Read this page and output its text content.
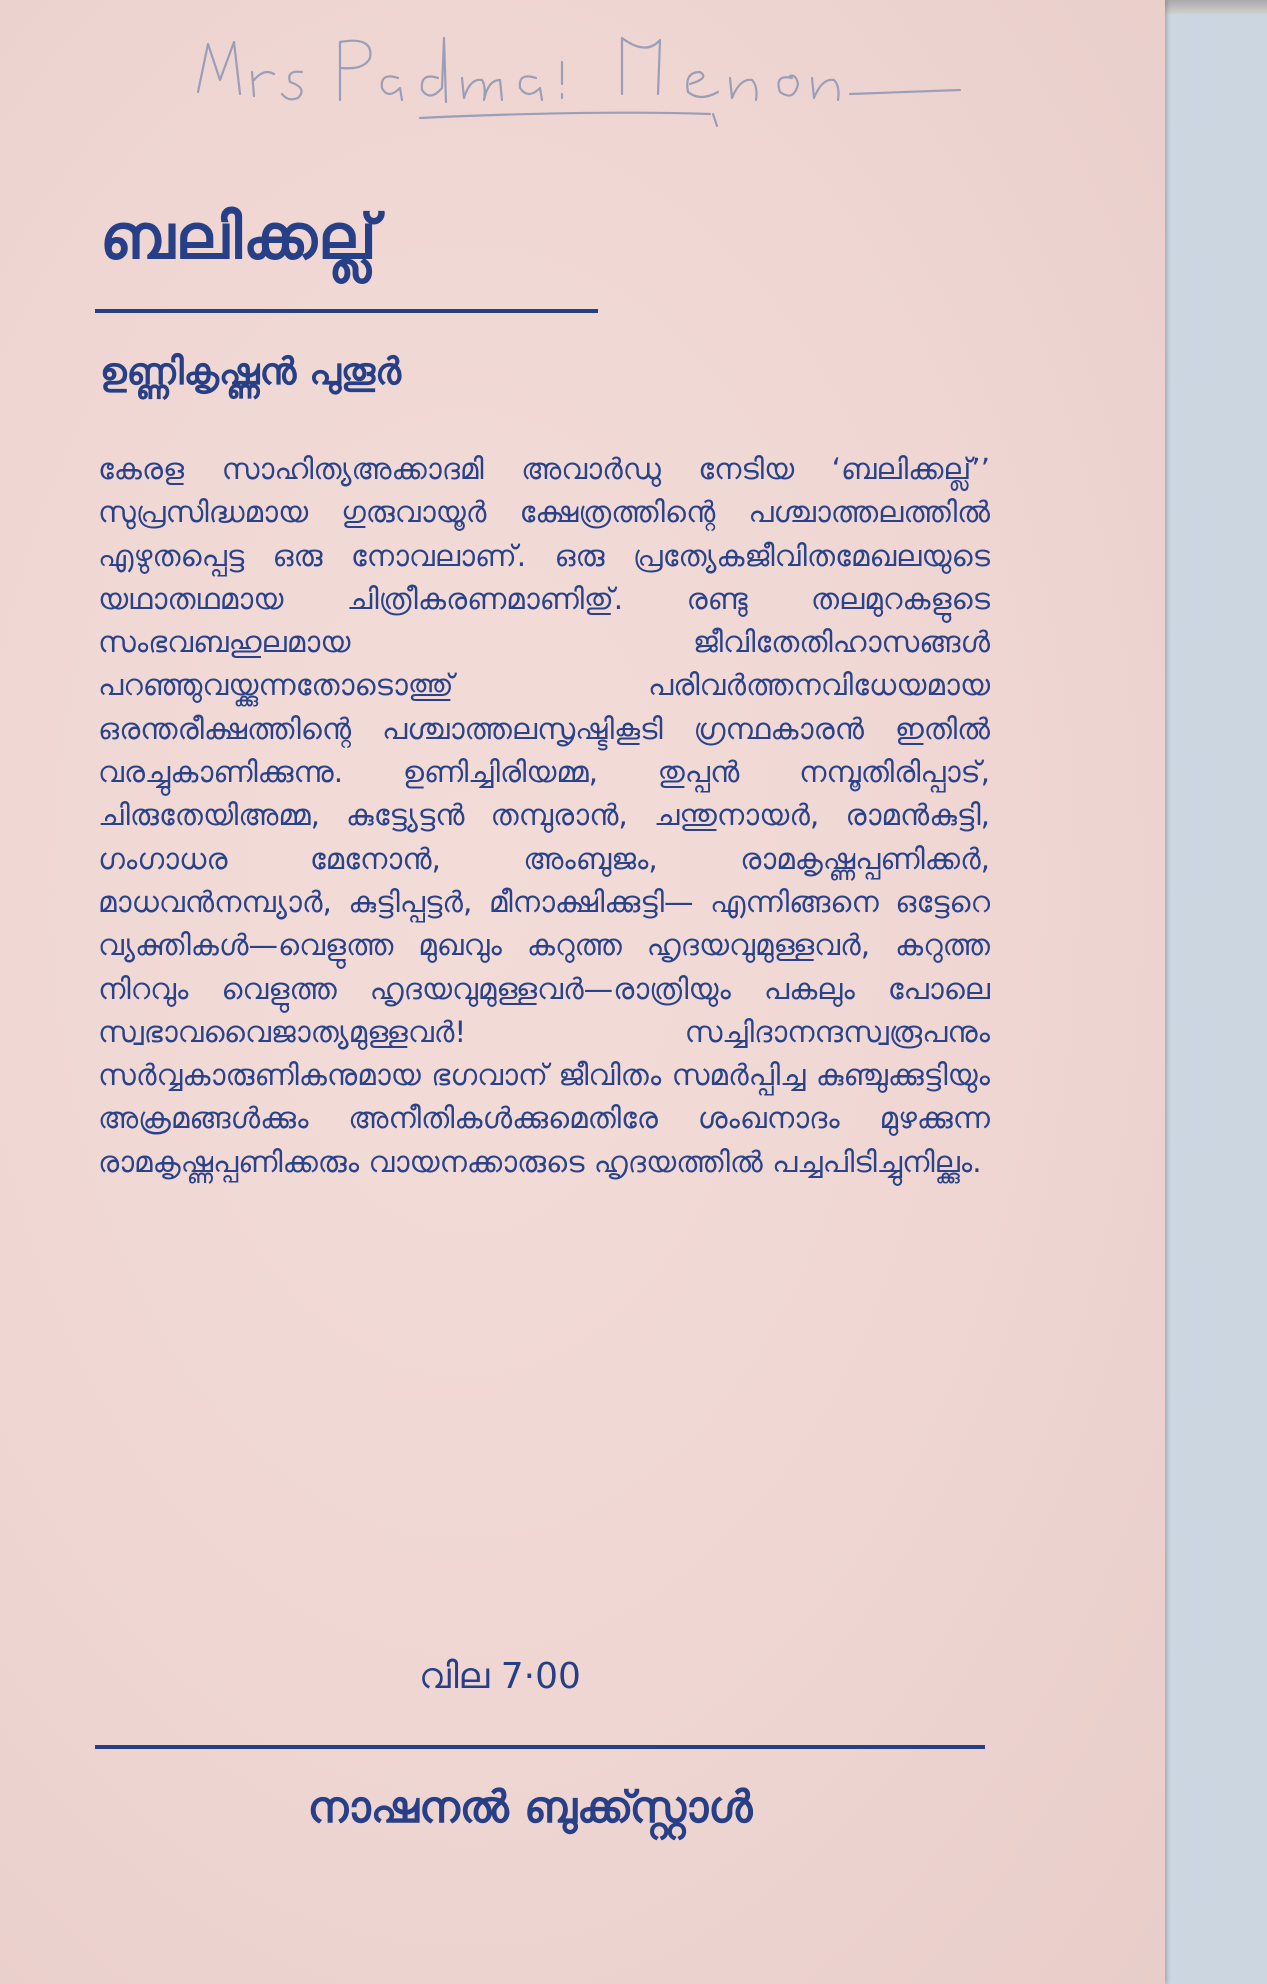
ബലിക്കല്ല്
ഉണ്ണികൃഷ്ണൻ പുതൂർ
കേരള സാഹിത്യഅക്കാദമി അവാർഡു നേടിയ ‘ബലിക്കല്ല്’’ സുപ്രസിദ്ധമായ ഗുരുവായൂർ ക്ഷേത്രത്തിന്റെ പശ്ചാത്തലത്തിൽ എഴുതപ്പെട്ട ഒരു നോവലാണ്. ഒരു പ്രത്യേകജീവിതമേഖലയുടെ യഥാതഥമായ ചിത്രീകരണമാണിതു്. രണ്ടു തലമുറകളുടെ സംഭവബഹുലമായ ജീവിതേതിഹാസങ്ങൾ പറഞ്ഞുവയ്ക്കുന്നതോടൊത്തു് പരിവർത്തനവിധേയമായ ഒരന്തരീക്ഷത്തിന്റെ പശ്ചാത്തലസൃഷ്ടികൂടി ഗ്രന്ഥകാരൻ ഇതിൽ വരച്ചുകാണിക്കുന്നു. ഉണിച്ചിരിയമ്മ, തുപ്പൻ നമ്പൂതിരിപ്പാട്, ചിരുതേയിഅമ്മ, കുട്ട്യേട്ടൻ തമ്പുരാൻ, ചന്തുനായർ, രാമൻകുട്ടി, ഗംഗാധര മേനോൻ, അംബുജം, രാമകൃഷ്ണപ്പണിക്കർ, മാധവൻനമ്പ്യാർ, കുട്ടിപ്പട്ടർ, മീനാക്ഷിക്കുട്ടി— എന്നിങ്ങനെ ഒട്ടേറെ വ്യക്തികൾ—വെളുത്ത മുഖവും കറുത്ത ഹൃദയവുമുള്ളവർ, കറുത്ത നിറവും വെളുത്ത ഹൃദയവുമുള്ളവർ—രാത്രിയും പകലും പോലെ സ്വഭാവവൈജാത്യമുള്ളവർ! സച്ചിദാനന്ദസ്വരൂപനും സർവ്വകാരുണികനുമായ ഭഗവാന് ജീവിതം സമർപ്പിച്ച കുഞ്ചുക്കുട്ടിയും അക്രമങ്ങൾക്കും അനീതികൾക്കുമെതിരേ ശംഖനാദം മുഴക്കുന്ന രാമകൃഷ്ണപ്പണിക്കരും വായനക്കാരുടെ ഹൃദയത്തിൽ പച്ചപിടിച്ചുനില്ക്കും.
വില 7·00
നാഷനൽ ബുക്ക്സ്റ്റാൾ
